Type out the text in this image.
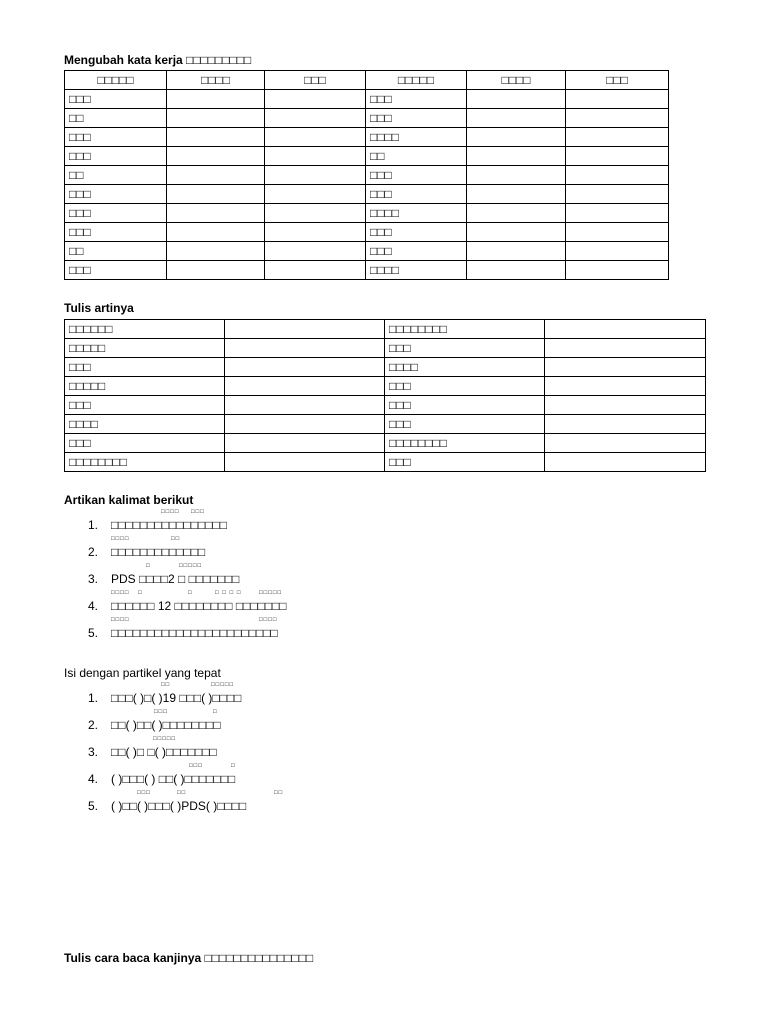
Mengubah kata kerja □□□□□□□□□
□□□□□	□□□□	□□□	□□□□□	□□□□	□□□
□□□			□□□		
□□			□□□		
□□□			□□□□		
□□□			□□		
□□			□□□		
□□□			□□□		
□□□			□□□□		
□□□			□□□		
□□			□□□		
□□□			□□□□		
Tulis artinya
□□□□□□		□□□□□□□□	
□□□□□		□□□	
□□□		□□□□	
□□□□□		□□□	
□□□		□□□	
□□□□		□□□	
□□□		□□□□□□□□	
□□□□□□□□		□□□	
Artikan kalimat berikut
□□□□ □□□
1.	□□□□□□□□□□□□□□□□
□□□□	□□
2.	□□□□□□□□□□□□□
□	□□□□□
3.	PDS □□□□2 □ □□□□□□□
□□□□ □	□	□ □ □ □	□□□□□
4.	□□□□□□ 12 □□□□□□□□ □□□□□□□
□□□□	□□□□
5.	□□□□□□□□□□□□□□□□□□□□□□□
Isi dengan partikel yang tepat
□□	□□□□□
1.	□□□( )□( )19 □□□( )□□□□
□□□	□
2.	□□( )□□( )□□□□□□□□
□□□□□
3.	□□( )□ □( )□□□□□□□
□□□	□
4.	( )□□□( ) □□( )□□□□□□□
□□□	□□	□□
5.	( )□□( )□□□( )PDS( )□□□□
Tulis cara baca kanjinya □□□□□□□□□□□□□□□
